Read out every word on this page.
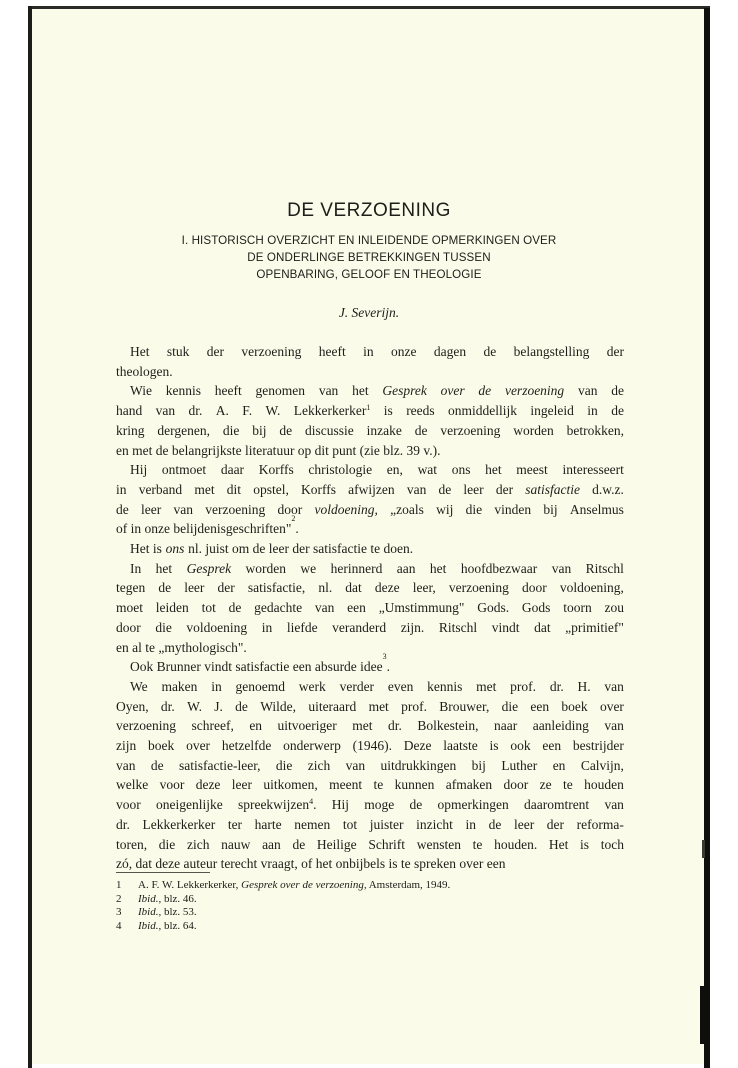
DE VERZOENING
I. HISTORISCH OVERZICHT EN INLEIDENDE OPMERKINGEN OVER
DE ONDERLINGE BETREKKINGEN TUSSEN
OPENBARING, GELOOF EN THEOLOGIE
J. Severijn.
Het stuk der verzoening heeft in onze dagen de belangstelling der
theologen.
Wie kennis heeft genomen van het Gesprek over de verzoening van de
hand van dr. A. F. W. Lekkerkerker$^1$ is reeds onmiddellijk ingeleid in de
kring dergenen, die bij de discussie inzake de verzoening worden betrokken,
en met de belangrijkste literatuur op dit punt (zie blz. 39 v.).
Hij ontmoet daar Korffs christologie en, wat ons het meest interesseert
in verband met dit opstel, Korffs afwijzen van de leer der satisfactie d.w.z.
de leer van verzoening door voldoening, „zoals wij die vinden bij Anselmus
of in onze belijdenisgeschriften"
2
.
Het is ons nl. juist om de leer der satisfactie te doen.
In het Gesprek worden we herinnerd aan het hoofdbezwaar van Ritschl
tegen de leer der satisfactie, nl. dat deze leer, verzoening door voldoening,
moet leiden tot de gedachte van een „Umstimmung" Gods. Gods toorn zou
door die voldoening in liefde veranderd zijn. Ritschl vindt dat „primitief"
en al te „mythologisch".
Ook Brunner vindt satisfactie een absurde idee
3
.
We maken in genoemd werk verder even kennis met prof. dr. H. van
Oyen, dr. W. J. de Wilde, uiteraard met prof. Brouwer, die een boek over
verzoening schreef, en uitvoeriger met dr. Bolkestein, naar aanleiding van
zijn boek over hetzelfde onderwerp (1946). Deze laatste is ook een bestrijder
van de satisfactie-leer, die zich van uitdrukkingen bij Luther en Calvijn,
welke voor deze leer uitkomen, meent te kunnen afmaken door ze te houden
voor oneigenlijke spreekwijzen$^4$. Hij moge de opmerkingen daaromtrent van
dr. Lekkerkerker ter harte nemen tot juister inzicht in de leer der reforma-
toren, die zich nauw aan de Heilige Schrift wensten te houden. Het is toch
zó, dat deze auteur terecht vraagt, of het onbijbels is te spreken over een
1 A. F. W. Lekkerkerker, Gesprek over de verzoening, Amsterdam, 1949.
2 Ibid., blz. 46.
3 Ibid., blz. 53.
4 Ibid., blz. 64.
